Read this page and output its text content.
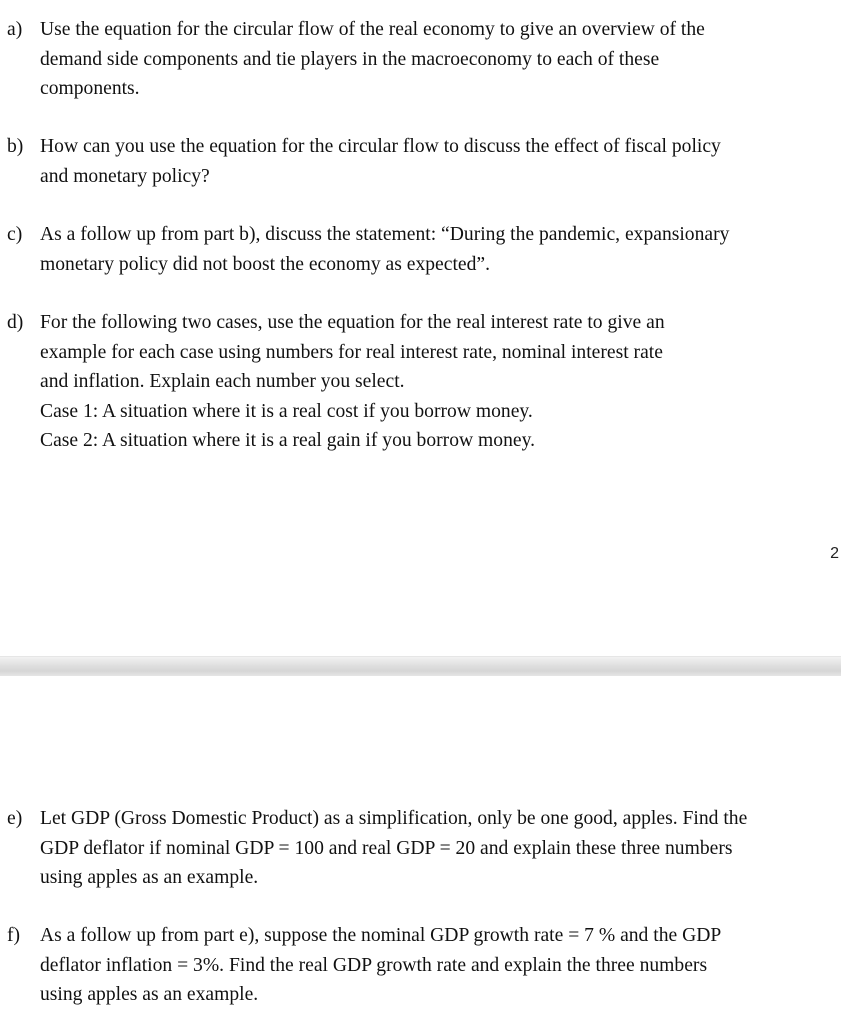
a) Use the equation for the circular flow of the real economy to give an overview of the
demand side components and tie players in the macroeconomy to each of these
components.
b) How can you use the equation for the circular flow to discuss the effect of fiscal policy
and monetary policy?
c) As a follow up from part b), discuss the statement: “During the pandemic, expansionary
monetary policy did not boost the economy as expected”.
d) For the following two cases, use the equation for the real interest rate to give an
example for each case using numbers for real interest rate, nominal interest rate
and inflation. Explain each number you select.
Case 1: A situation where it is a real cost if you borrow money.
Case 2: A situation where it is a real gain if you borrow money.
2
e) Let GDP (Gross Domestic Product) as a simplification, only be one good, apples. Find the
GDP deflator if nominal GDP = 100 and real GDP = 20 and explain these three numbers
using apples as an example.
f)	As a follow up from part e), suppose the nominal GDP growth rate = 7 % and the GDP
deflator inflation = 3%. Find the real GDP growth rate and explain the three numbers
using apples as an example.
